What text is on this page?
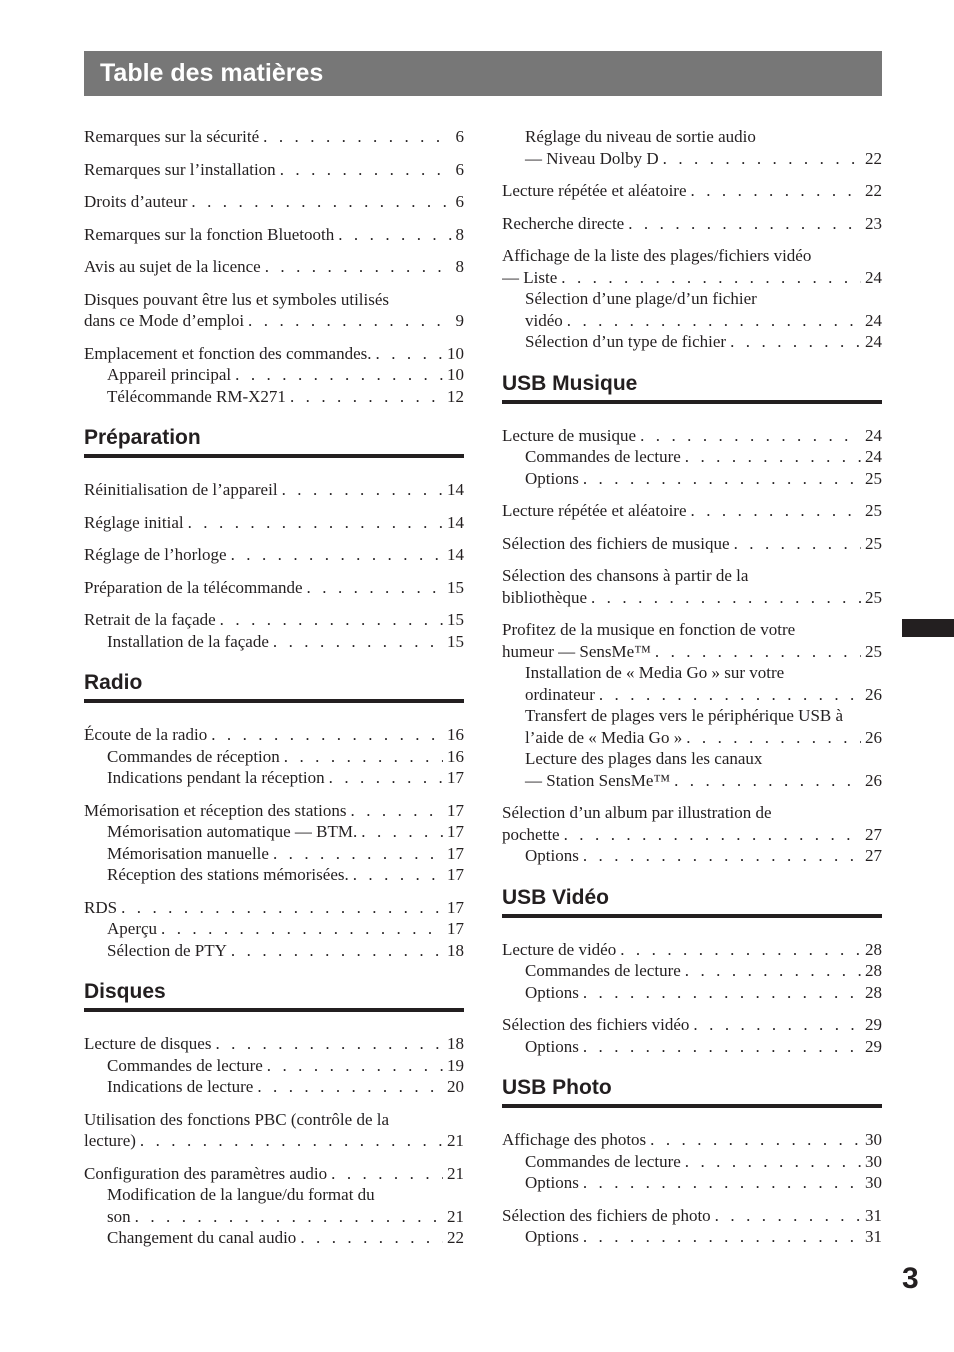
Table des matières
Remarques sur la sécurité . . .	6
Remarques sur l’installation . . .	6
Droits d’auteur . . .	6
Remarques sur la fonction Bluetooth . . .	8
Avis au sujet de la licence . . .	8
Disques pouvant être lus et symboles utilisés
dans ce Mode d’emploi . . .	9
Emplacement et fonction des commandes. . . .	10
Appareil principal . . .	10
Télécommande RM-X271 . . .	12
Préparation
Réinitialisation de l’appareil . . .	14
Réglage initial . . .	14
Réglage de l’horloge . . .	14
Préparation de la télécommande . . .	15
Retrait de la façade . . .	15
Installation de la façade . . .	15
Radio
Écoute de la radio . . .	16
Commandes de réception . . .	16
Indications pendant la réception . . .	17
Mémorisation et réception des stations . . .	17
Mémorisation automatique — BTM. . . .	17
Mémorisation manuelle . . .	17
Réception des stations mémorisées. . . .	17
RDS . . .	17
Aperçu . . .	17
Sélection de PTY . . .	18
Disques
Lecture de disques . . .	18
Commandes de lecture . . .	19
Indications de lecture . . .	20
Utilisation des fonctions PBC (contrôle de la
lecture) . . .	21
Configuration des paramètres audio . . .	21
Modification de la langue/du format du
son . . .	21
Changement du canal audio . . .	22
Réglage du niveau de sortie audio
— Niveau Dolby D . . .	22
Lecture répétée et aléatoire . . .	22
Recherche directe . . .	23
Affichage de la liste des plages/fichiers vidéo
— Liste . . .	24
Sélection d’une plage/d’un fichier
vidéo . . .	24
Sélection d’un type de fichier . . .	24
USB Musique
Lecture de musique . . .	24
Commandes de lecture . . .	24
Options . . .	25
Lecture répétée et aléatoire . . .	25
Sélection des fichiers de musique . . .	25
Sélection des chansons à partir de la
bibliothèque . . .	25
Profitez de la musique en fonction de votre
humeur — SensMe™ . . .	25
Installation de « Media Go » sur votre
ordinateur . . .	26
Transfert de plages vers le périphérique USB à
l’aide de « Media Go » . . .	26
Lecture des plages dans les canaux
— Station SensMe™ . . .	26
Sélection d’un album par illustration de
pochette . . .	27
Options . . .	27
USB Vidéo
Lecture de vidéo . . .	28
Commandes de lecture . . .	28
Options . . .	28
Sélection des fichiers vidéo . . .	29
Options . . .	29
USB Photo
Affichage des photos . . .	30
Commandes de lecture . . .	30
Options . . .	30
Sélection des fichiers de photo . . .	31
Options . . .	31
3
